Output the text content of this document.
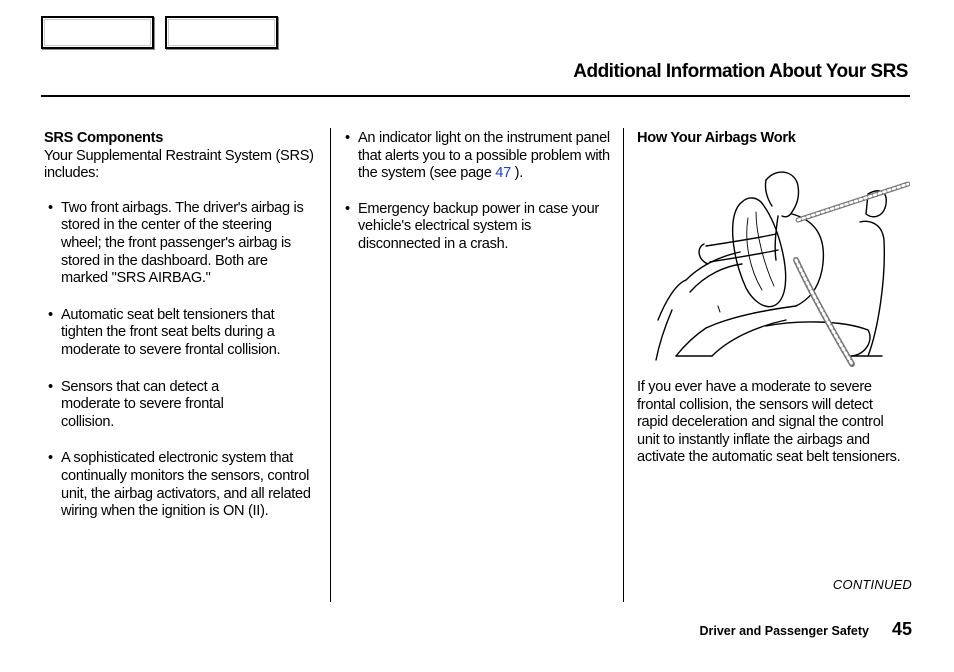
Additional Information About Your SRS
SRS Components

Your Supplemental Restraint System (SRS) includes:

• Two front airbags. The driver's airbag is stored in the center of the steering wheel; the front passenger's airbag is stored in the dashboard. Both are marked "SRS AIRBAG."
• Automatic seat belt tensioners that tighten the front seat belts during a moderate to severe frontal collision.
• Sensors that can detect a moderate to severe frontal collision.
• A sophisticated electronic system that continually monitors the sensors, control unit, the airbag activators, and all related wiring when the ignition is ON (II).
• An indicator light on the instrument panel that alerts you to a possible problem with the system (see page 47 ).
• Emergency backup power in case your vehicle's electrical system is disconnected in a crash.
How Your Airbags Work

If you ever have a moderate to severe frontal collision, the sensors will detect rapid deceleration and signal the control unit to instantly inflate the airbags and activate the automatic seat belt tensioners.

CONTINUED
Driver and Passenger Safety 45
